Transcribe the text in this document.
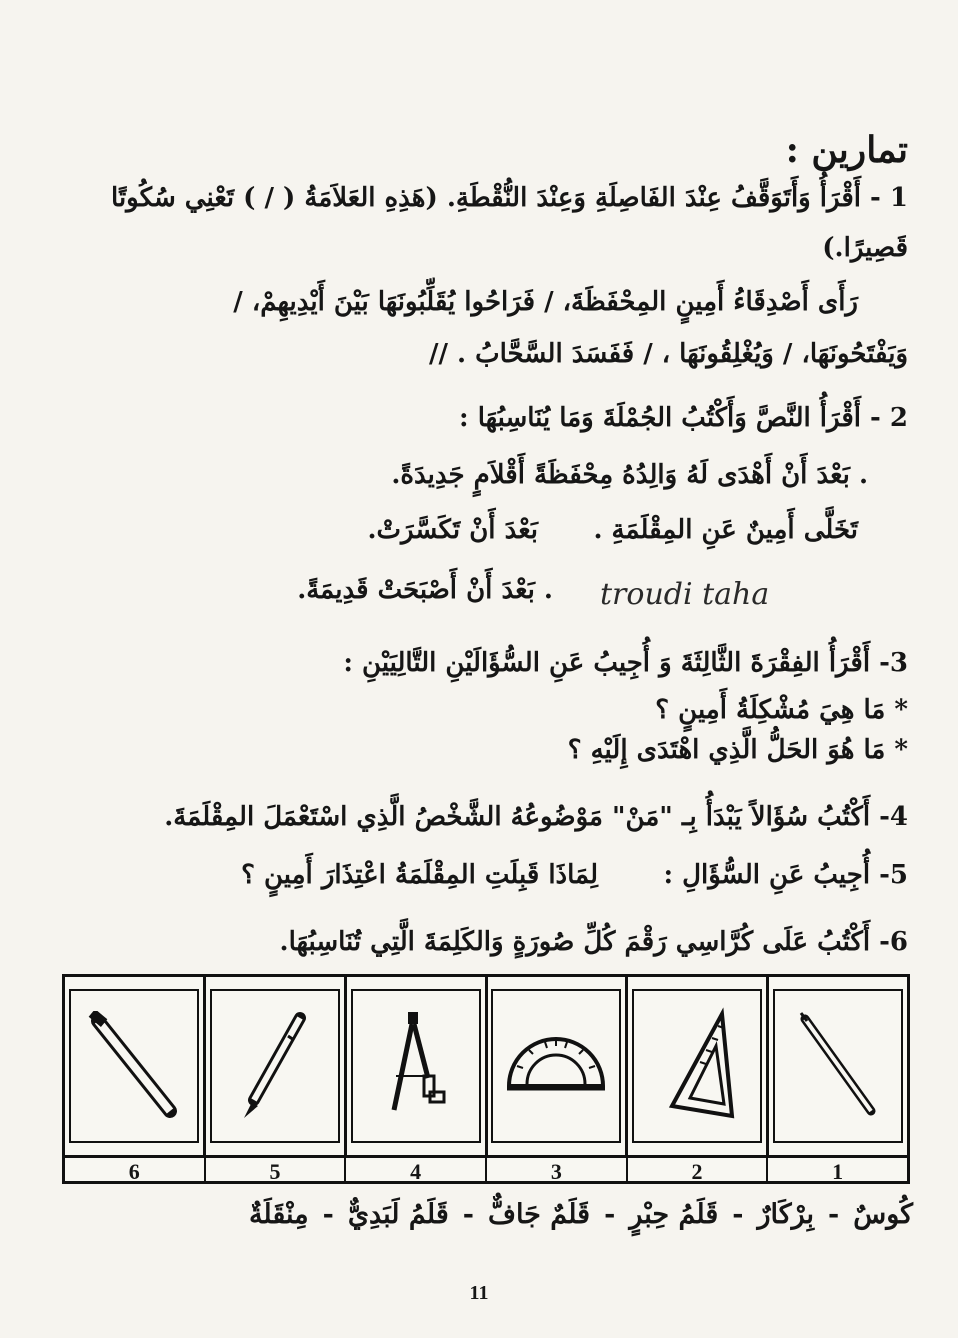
تمارين :
1 - أَقْرَأُ وَأَتَوَقَّفُ عِنْدَ الفَاصِلَةِ وَعِنْدَ النُّقْطَةِ. (هَذِهِ العَلاَمَةُ ( / ) تَعْنِي سُكُوتًا
قَصِيرًا.)
رَأَى أَصْدِقَاءُ أَمِينٍ المِحْفَظَةَ، / فَرَاحُوا يُقَلِّبُونَهَا بَيْنَ أَيْدِيهِمْ، /
وَيَفْتَحُونَهَا، / وَيُغْلِقُونَهَا ، / فَفَسَدَ السَّحَّابُ . //
2 - أَقْرَأُ النَّصَّ وَأَكْتُبُ الجُمْلَةَ وَمَا يُنَاسِبُهَا :
. بَعْدَ أَنْ أَهْدَى لَهُ وَالِدُهُ مِحْفَظَةً أَقْلاَمٍ جَدِيدَةً.
تَخَلَّى أَمِينٌ عَنِ المِقْلَمَةِ .
بَعْدَ أَنْ تَكَسَّرَتْ.
. بَعْدَ أَنْ أَصْبَحَتْ قَدِيمَةً. troudi taha
3- أَقْرَأُ الفِقْرَةَ الثَّالِثَةَ وَ أُجِيبُ عَنِ السُّؤَالَيْنِ التَّالِيَيْنِ :
* مَا هِيَ مُشْكِلَةُ أَمِينٍ ؟
* مَا هُوَ الحَلُّ الَّذِي اهْتَدَى إِلَيْهِ ؟
4- أَكْتُبُ سُؤَالاً يَبْدَأُ بِـ "مَنْ" مَوْضُوعُهُ الشَّخْصُ الَّذِي اسْتَعْمَلَ المِقْلَمَةَ.
5- أُجِيبُ عَنِ السُّؤَالِ :
لِمَاذَا قَبِلَتِ المِقْلَمَةُ اعْتِذَارَ أَمِينٍ ؟
6- أَكْتُبُ عَلَى كُرَّاسِي رَقْمَ كُلِّ صُورَةٍ وَالكَلِمَةَ الَّتِي تُنَاسِبُهَا.
1
2
3
4
5
6
كُوسٌ-بِرْكَارٌ-قَلَمُ حِبْرٍ-قَلَمٌ جَافٌّ-قَلَمُ لَبَدِيٌّ-مِنْقَلَةٌ
11
